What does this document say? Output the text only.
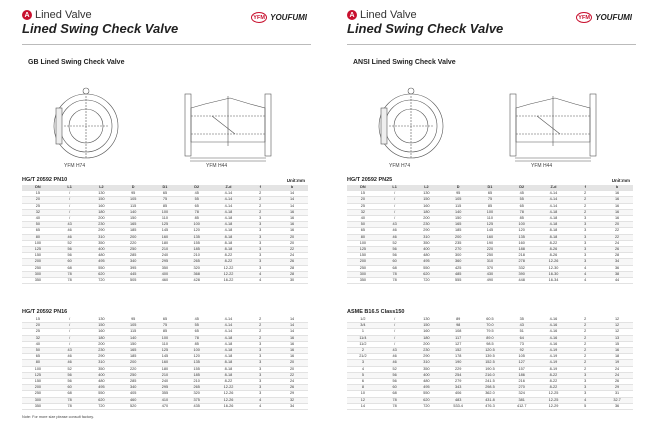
A Lined Valve
Lined Swing Check Valve
YFM YOUFUMI
GB Lined Swing Check Valve
YFM H74	YFM H44
HG/T 20592 PN10	Unit:mm
DN	L1	L2	D	D1	D2	Z-d	f	b
15	/	130	95	65	45	4-14	2	14
20	/	150	105	75	55	4-14	2	14
25	/	160	115	85	65	4-14	2	14
32	/	180	140	100	78	4-18	2	16
40	/	200	150	110	85	4-18	3	16
50	43	230	165	125	100	4-18	3	16
65	46	290	185	145	120	4-18	3	16
80	46	310	200	160	135	8-18	3	20
100	52	350	220	180	155	8-18	3	20
125	56	400	250	210	185	8-18	3	22
150	56	480	285	240	210	8-22	3	24
200	60	495	340	295	265	8-22	3	26
250	68	550	395	350	320	12-22	3	28
300	78	620	445	400	368	12-22	4	28
350	78	720	505	460	428	16-22	4	30
HG/T 20592 PN16
15	/	130	95	65	45	4-14	2	14
20	/	150	105	75	55	4-14	2	14
25	/	160	115	85	65	4-14	2	14
32	/	180	140	100	78	4-18	2	16
40	/	200	150	110	85	4-18	3	16
50	43	230	165	125	100	4-18	3	16
65	46	290	185	145	120	4-18	3	16
80	46	310	200	160	135	8-18	3	20
100	52	350	220	180	155	8-18	3	20
125	56	400	250	210	185	8-18	3	22
150	56	480	285	240	210	8-22	3	24
200	60	495	340	295	265	12-22	3	26
250	68	550	405	355	320	12-26	3	29
300	78	620	460	410	375	12-26	4	32
350	78	720	520	470	435	16-26	4	34
Note: For more size please consult factory.
A Lined Valve
Lined Swing Check Valve
YFM YOUFUMI
ANSI Lined Swing Check Valve
YFM H74	YFM H44
HG/T 20592 PN25	Unit:mm
DN	L1	L2	D	D1	D2	Z-d	f	b
15	/	130	95	65	45	4-14	2	16
20	/	150	105	75	55	4-14	2	16
25	/	160	115	85	65	4-14	2	16
32	/	180	140	100	78	4-18	2	16
40	/	200	150	110	85	4-18	3	16
50	43	230	165	125	100	4-18	3	20
65	46	290	185	145	120	8-18	3	22
80	46	310	200	160	135	8-18	3	22
100	52	350	235	190	160	8-22	3	24
125	56	400	270	220	188	8-26	3	26
150	56	480	300	250	218	8-26	3	28
200	60	495	360	310	278	12-26	3	34
250	68	550	425	370	332	12-30	4	36
300	78	620	485	430	390	16-30	4	38
350	78	720	555	490	448	16-34	4	44
ASME B16.5 Class150
1/2	/	130	89	60.5	35	4-16	2	12
3/4	/	150	98	70.0	43	4-16	2	12
1	/	160	108	79.5	51	4-16	2	12
11/4	/	180	117	89.0	64	4-16	2	13
11/2	/	200	127	98.5	73	4-16	2	15
2	43	230	152	120.5	92	4-19	2	16
21/2	46	290	178	139.5	105	4-19	2	18
3	46	310	190	152.5	127	4-19	2	19
4	52	350	229	190.5	157	8-19	2	24
5	56	400	254	216.0	186	8-22	3	24
6	56	480	279	241.5	216	8-22	3	26
8	60	495	343	298.5	270	8-22	3	29
10	68	550	406	362.0	324	12-25	3	31
12	78	620	483	431.8	381	12-25	4	32.7
14	78	720	533.4	476.3	412.7	12-29	5	36
